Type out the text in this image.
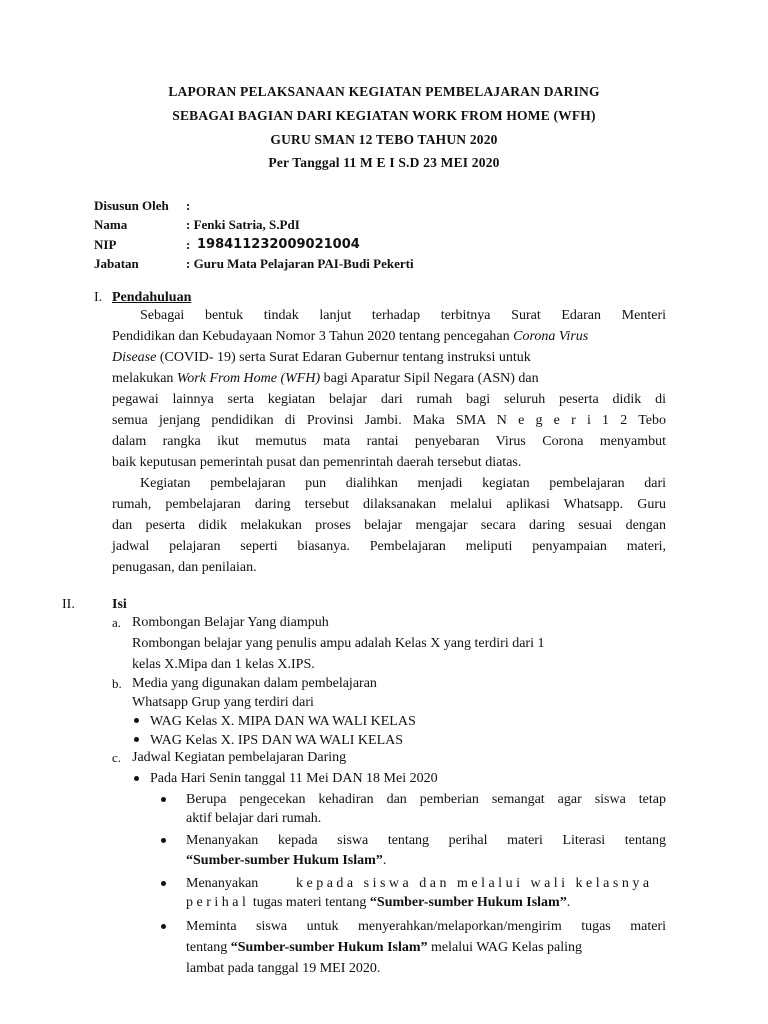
LAPORAN PELAKSANAAN KEGIATAN PEMBELAJARAN DARING
SEBAGAI BAGIAN DARI KEGIATAN WORK FROM HOME (WFH)
GURU SMAN 12 TEBO TAHUN 2020
Per Tanggal 11 M E I S.D 23 MEI 2020
Disusun Oleh :
Nama	: Fenki Satria, S.PdI
NIP	: 198411232009021004
Jabatan	: Guru Mata Pelajaran PAI-Budi Pekerti
I. Pendahuluan
Sebagai bentuk tindak lanjut terhadap terbitnya Surat Edaran Menteri
Pendidikan dan Kebudayaan Nomor 3 Tahun 2020 tentang pencegahan Corona Virus
Disease (COVID- 19) serta Surat Edaran Gubernur tentang instruksi untuk
melakukan Work From Home (WFH) bagi Aparatur Sipil Negara (ASN) dan
pegawai lainnya serta kegiatan belajar dari rumah bagi seluruh peserta didik di
semua jenjang pendidikan di Provinsi Jambi. Maka SMA N e g e r i 1 2 Tebo
dalam rangka ikut memutus mata rantai penyebaran Virus Corona menyambut
baik keputusan pemerintah pusat dan pemenrintah daerah tersebut diatas.
Kegiatan pembelajaran pun dialihkan menjadi kegiatan pembelajaran dari
rumah, pembelajaran daring tersebut dilaksanakan melalui aplikasi Whatsapp. Guru
dan peserta didik melakukan proses belajar mengajar secara daring sesuai dengan
jadwal pelajaran seperti biasanya. Pembelajaran meliputi penyampaian materi,
penugasan, dan penilaian.
II.	Isi
a. Rombongan Belajar Yang diampuh
Rombongan belajar yang penulis ampu adalah Kelas X yang terdiri dari 1
kelas X.Mipa dan 1 kelas X.IPS.
b. Media yang digunakan dalam pembelajaran
Whatsapp Grup yang terdiri dari
WAG Kelas X. MIPA DAN WA WALI KELAS
WAG Kelas X. IPS DAN WA WALI KELAS
c. Jadwal Kegiatan pembelajaran Daring
Pada Hari Senin tanggal 11 Mei DAN 18 Mei 2020
Berupa pengecekan kehadiran dan pemberian semangat agar siswa tetap
aktif belajar dari rumah.
Menanyakan kepada siswa tentang perihal materi Literasi tentang
“Sumber-sumber Hukum Islam”.
Menanyakan	kepada siswa dan melalui wali kelasnya
perihal tugas materi tentang “Sumber-sumber Hukum Islam”.
Meminta siswa untuk menyerahkan/melaporkan/mengirim tugas materi
tentang “Sumber-sumber Hukum Islam” melalui WAG Kelas paling
lambat pada tanggal 19 MEI 2020.
